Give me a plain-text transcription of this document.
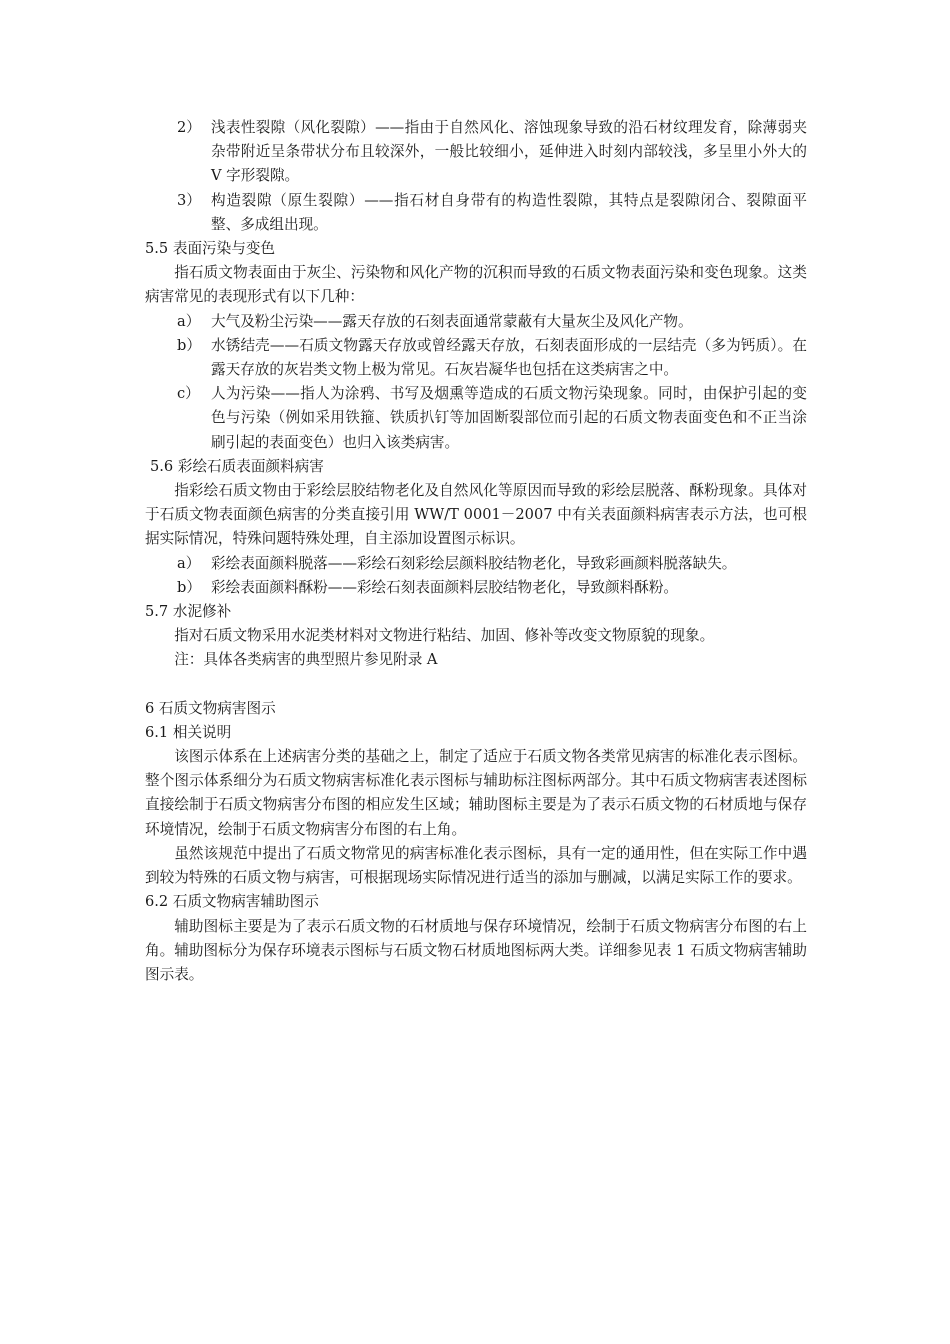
2） 浅表性裂隙（风化裂隙）——指由于自然风化、溶蚀现象导致的沿石材纹理发育，除薄弱夹杂带附近呈条带状分布且较深外，一般比较细小，延伸进入时刻内部较浅，多呈里小外大的 V 字形裂隙。
3） 构造裂隙（原生裂隙）——指石材自身带有的构造性裂隙，其特点是裂隙闭合、裂隙面平整、多成组出现。

5.5 表面污染与变色

指石质文物表面由于灰尘、污染物和风化产物的沉积而导致的石质文物表面污染和变色现象。这类病害常见的表现形式有以下几种：

a） 大气及粉尘污染——露天存放的石刻表面通常蒙蔽有大量灰尘及风化产物。
b） 水锈结壳——石质文物露天存放或曾经露天存放，石刻表面形成的一层结壳（多为钙质）。在露天存放的灰岩类文物上极为常见。石灰岩凝华也包括在这类病害之中。
c） 人为污染——指人为涂鸦、书写及烟熏等造成的石质文物污染现象。同时，由保护引起的变色与污染（例如采用铁箍、铁质扒钉等加固断裂部位而引起的石质文物表面变色和不正当涂刷引起的表面变色）也归入该类病害。

5.6 彩绘石质表面颜料病害

指彩绘石质文物由于彩绘层胶结物老化及自然风化等原因而导致的彩绘层脱落、酥粉现象。具体对于石质文物表面颜色病害的分类直接引用 WW/T 0001－2007 中有关表面颜料病害表示方法，也可根据实际情况，特殊问题特殊处理，自主添加设置图示标识。

a） 彩绘表面颜料脱落——彩绘石刻彩绘层颜料胶结物老化，导致彩画颜料脱落缺失。
b） 彩绘表面颜料酥粉——彩绘石刻表面颜料层胶结物老化，导致颜料酥粉。

5.7 水泥修补

指对石质文物采用水泥类材料对文物进行粘结、加固、修补等改变文物原貌的现象。

注：具体各类病害的典型照片参见附录 A

6 石质文物病害图示

6.1 相关说明

该图示体系在上述病害分类的基础之上，制定了适应于石质文物各类常见病害的标准化表示图标。整个图示体系细分为石质文物病害标准化表示图标与辅助标注图标两部分。其中石质文物病害表述图标直接绘制于石质文物病害分布图的相应发生区域；辅助图标主要是为了表示石质文物的石材质地与保存环境情况，绘制于石质文物病害分布图的右上角。

虽然该规范中提出了石质文物常见的病害标准化表示图标，具有一定的通用性，但在实际工作中遇到较为特殊的石质文物与病害，可根据现场实际情况进行适当的添加与删减，以满足实际工作的要求。

6.2 石质文物病害辅助图示

辅助图标主要是为了表示石质文物的石材质地与保存环境情况，绘制于石质文物病害分布图的右上角。辅助图标分为保存环境表示图标与石质文物石材质地图标两大类。详细参见表 1 石质文物病害辅助图示表。
